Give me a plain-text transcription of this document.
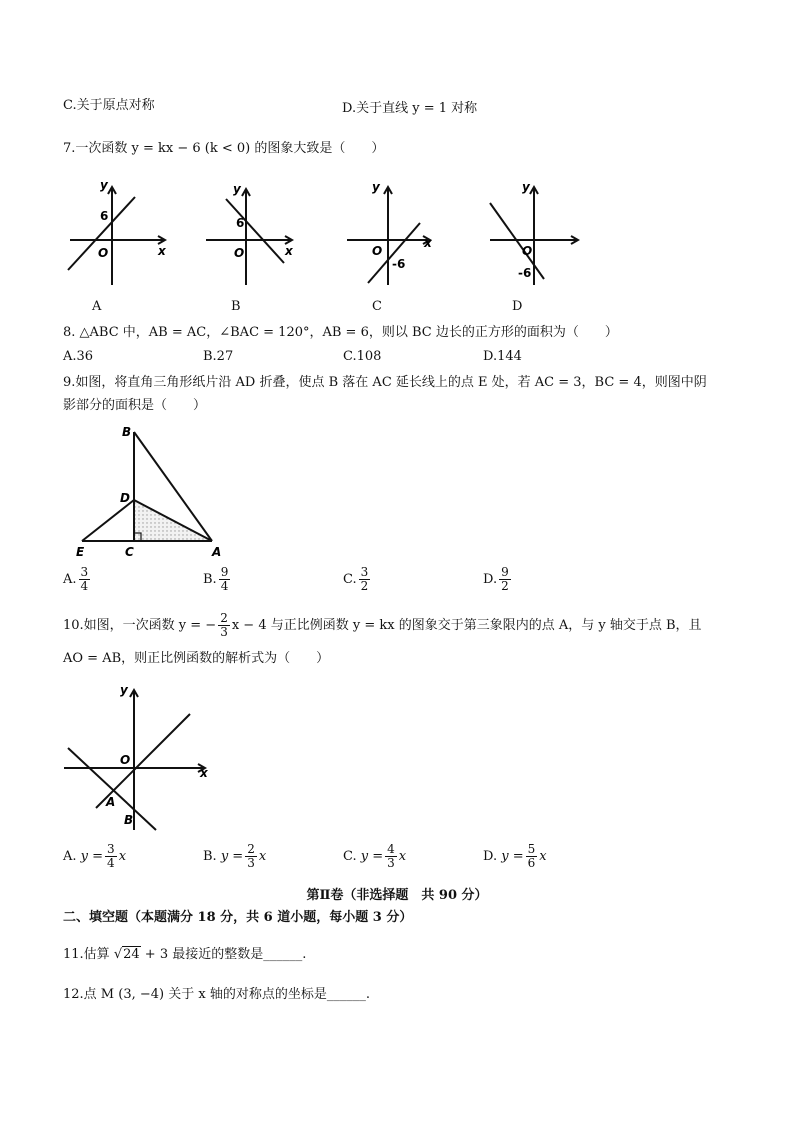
C.关于原点对称	D.关于直线 y = 1 对称
7.一次函数 y = kx − 6 (k < 0) 的图象大致是（　　）
y
x
O
6
y
x
O
6
y
x
O
-6
y
O
-6
A	B	C	D
8. △ABC 中，AB = AC，∠BAC = 120°，AB = 6，则以 BC 边长的正方形的面积为（　　）
A.36	B.27	C.108	D.144
9.如图，将直角三角形纸片沿 AD 折叠，使点 B 落在 AC 延长线上的点 E 处，若 AC = 3，BC = 4，则图中阴
影部分的面积是（　　）
B
D
E	C	A
A. $\frac{3}{4}$	B. $\frac{9}{4}$	C. $\frac{3}{2}$	D. $\frac{9}{2}$
10.如图，一次函数 y = − $\frac{2}{3}$ x − 4 与正比例函数 y = kx 的图象交于第三象限内的点 A，与 y 轴交于点 B，且
AO = AB，则正比例函数的解析式为（　　）
y
x
O
A
B
A. $y = \frac{3}{4}$ x	B. $y = \frac{2}{3}$ x	C. $y = \frac{4}{3}$ x	D. $y = \frac{5}{6}$ x
第Ⅱ卷（非选择题　共 90 分）
二、填空题（本题满分 18 分，共 6 道小题，每小题 3 分）
11.估算 √24 + 3 最接近的整数是______.
12.点 M (3, −4) 关于 x 轴的对称点的坐标是______.
